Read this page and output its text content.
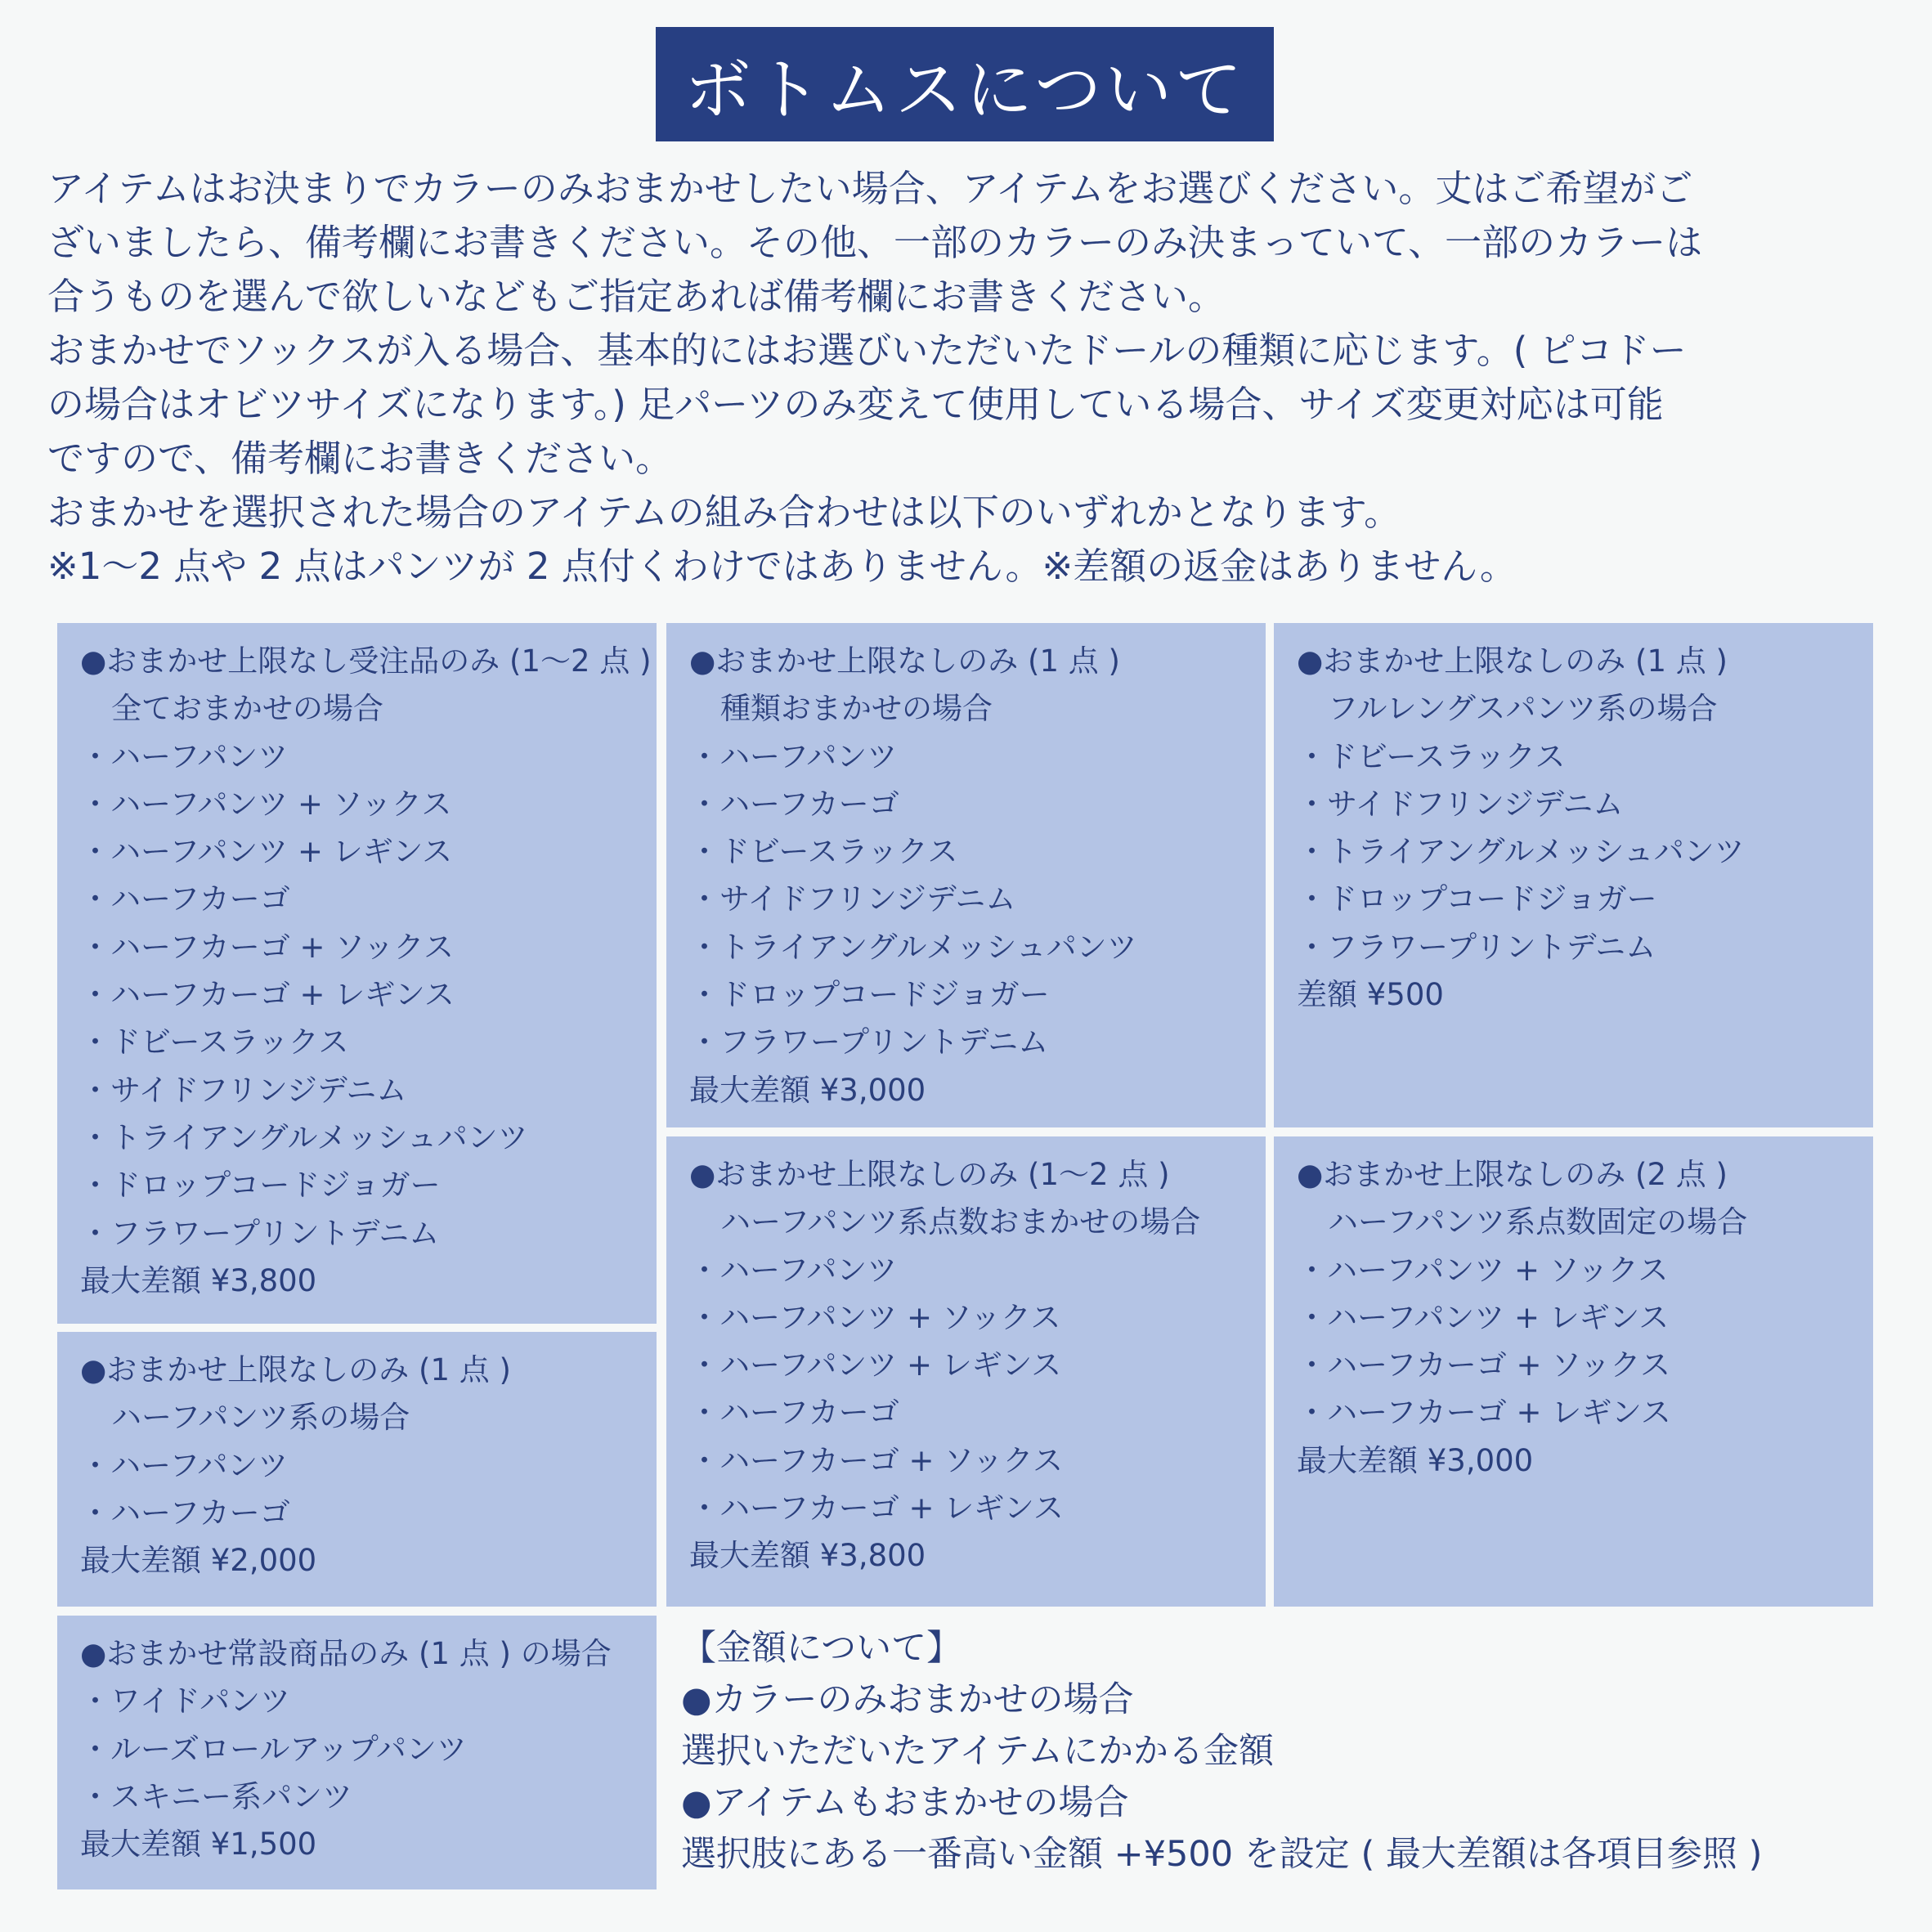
ボトムスについて

アイテムはお決まりでカラーのみおまかせしたい場合、アイテムをお選びください。丈はご希望がご

ざいましたら、備考欄にお書きください。その他、一部のカラーのみ決まっていて、一部のカラーは

合うものを選んで欲しいなどもご指定あれば備考欄にお書きください。

おまかせでソックスが入る場合、基本的にはお選びいただいたドールの種類に応じます。( ピコドー

の場合はオビツサイズになります。) 足パーツのみ変えて使用している場合、サイズ変更対応は可能

ですので、備考欄にお書きください。

おまかせを選択された場合のアイテムの組み合わせは以下のいずれかとなります。

※1〜2 点や 2 点はパンツが 2 点付くわけではありません。※差額の返金はありません。

●おまかせ上限なし受注品のみ (1〜2 点 )
全ておまかせの場合
・ハーフパンツ
・ハーフパンツ + ソックス
・ハーフパンツ + レギンス
・ハーフカーゴ
・ハーフカーゴ + ソックス
・ハーフカーゴ + レギンス
・ドビースラックス
・サイドフリンジデニム
・トライアングルメッシュパンツ
・ドロップコードジョガー
・フラワープリントデニム
最大差額 ¥3,800
●おまかせ上限なしのみ (1 点 )
種類おまかせの場合
・ハーフパンツ
・ハーフカーゴ
・ドビースラックス
・サイドフリンジデニム
・トライアングルメッシュパンツ
・ドロップコードジョガー
・フラワープリントデニム
最大差額 ¥3,000
●おまかせ上限なしのみ (1 点 )
フルレングスパンツ系の場合
・ドビースラックス
・サイドフリンジデニム
・トライアングルメッシュパンツ
・ドロップコードジョガー
・フラワープリントデニム
差額 ¥500
●おまかせ上限なしのみ (1 点 )
ハーフパンツ系の場合
・ハーフパンツ
・ハーフカーゴ
最大差額 ¥2,000
●おまかせ上限なしのみ (1〜2 点 )
ハーフパンツ系点数おまかせの場合
・ハーフパンツ
・ハーフパンツ + ソックス
・ハーフパンツ + レギンス
・ハーフカーゴ
・ハーフカーゴ + ソックス
・ハーフカーゴ + レギンス
最大差額 ¥3,800
●おまかせ上限なしのみ (2 点 )
ハーフパンツ系点数固定の場合
・ハーフパンツ + ソックス
・ハーフパンツ + レギンス
・ハーフカーゴ + ソックス
・ハーフカーゴ + レギンス
最大差額 ¥3,000
●おまかせ常設商品のみ (1 点 ) の場合
・ワイドパンツ
・ルーズロールアップパンツ
・スキニー系パンツ
最大差額 ¥1,500
【金額について】
●カラーのみおまかせの場合
選択いただいたアイテムにかかる金額
●アイテムもおまかせの場合
選択肢にある一番高い金額 +¥500 を設定 ( 最大差額は各項目参照 )
